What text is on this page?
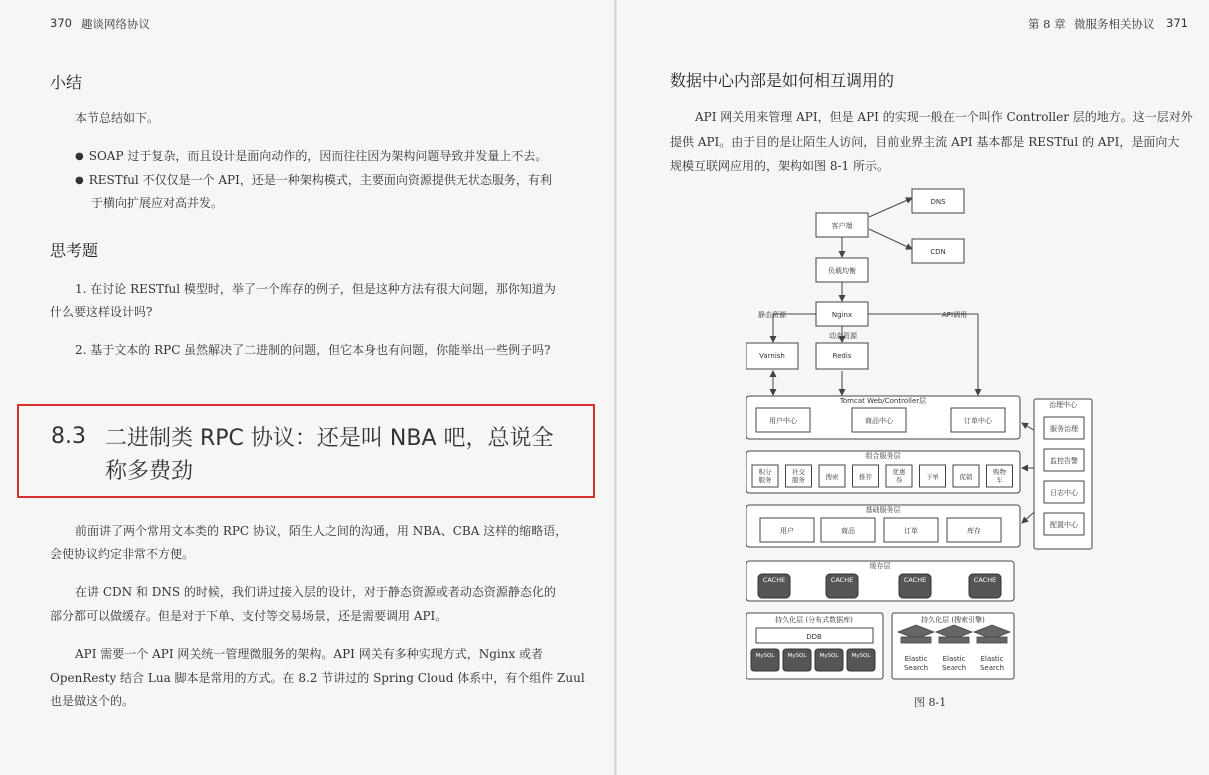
370 趣谈网络协议
小结
本节总结如下。
● SOAP 过于复杂，而且设计是面向动作的，因而往往因为架构问题导致并发量上不去。
● RESTful 不仅仅是一个 API，还是一种架构模式，主要面向资源提供无状态服务，有利
于横向扩展应对高并发。
思考题
1. 在讨论 RESTful 模型时，举了一个库存的例子，但是这种方法有很大问题，那你知道为
什么要这样设计吗?
2. 基于文本的 RPC 虽然解决了二进制的问题，但它本身也有问题，你能举出一些例子吗?
8.3 二进制类 RPC 协议：还是叫 NBA 吧，总说全称多费劲
前面讲了两个常用文本类的 RPC 协议，陌生人之间的沟通，用 NBA、CBA 这样的缩略语，
会使协议约定非常不方便。
在讲 CDN 和 DNS 的时候，我们讲过接入层的设计，对于静态资源或者动态资源静态化的
部分都可以做缓存。但是对于下单、支付等交易场景，还是需要调用 API。
API 需要一个 API 网关统一管理微服务的架构。API 网关有多种实现方式，Nginx 或者
OpenResty 结合 Lua 脚本是常用的方式。在 8.2 节讲过的 Spring Cloud 体系中，有个组件 Zuul
也是做这个的。
第 8 章 微服务相关协议 371
数据中心内部是如何相互调用的
API 网关用来管理 API，但是 API 的实现一般在一个叫作 Controller 层的地方。这一层对外
提供 API。由于目的是让陌生人访问，目前业界主流 API 基本都是 RESTful 的 API，是面向大
规模互联网应用的，架构如图 8-1 所示。
客户端
DNS
CDN
负载均衡
Nginx
Varnish	Redis
Tomcat Web/Controller层
用户中心	商品中心	订单中心
组合服务层
基础服务层
用户	商品	订单	库存
缓存层
持久化层 (分布式数据库)
DDB
持久化层 (搜索引擎)
治理中心
服务治理
监控告警
日志中心
配置中心
Elastic
Search
Elastic
Search
Elastic
Search
静态资源
动态资源
API调用
CACHE	CACHE	CACHE	CACHE
MySQL MySQL MySQL MySQL
积分
服务
社交
服务	搜索	推荐
优惠
券	下单	促销
购物
车
图 8-1
